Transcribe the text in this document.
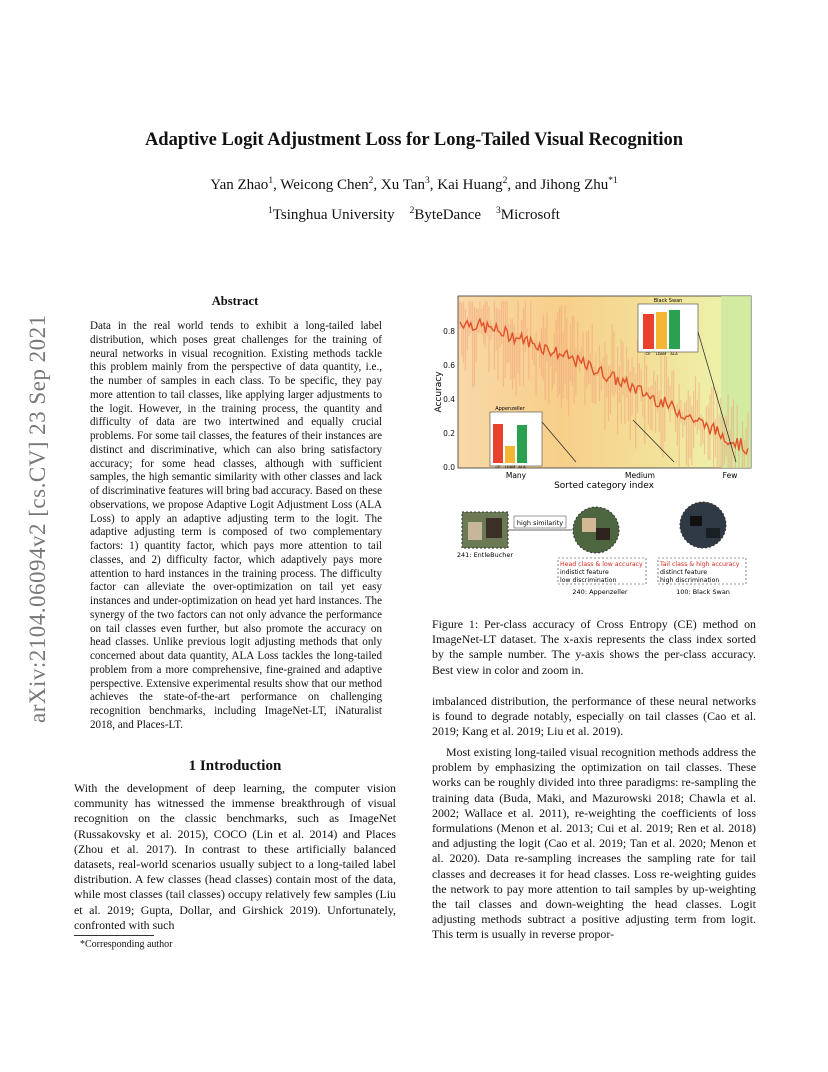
Adaptive Logit Adjustment Loss for Long-Tailed Visual Recognition
Yan Zhao$^1$, Weicong Chen$^2$, Xu Tan$^3$, Kai Huang$^2$, and Jihong Zhu$^{*1}$
$^1$Tsinghua University $^2$ByteDance $^3$Microsoft
arXiv:2104.06094v2 [cs.CV] 23 Sep 2021
Abstract
Data in the real world tends to exhibit a long-tailed label distribution, which poses great challenges for the training of neural networks in visual recognition. Existing methods tackle this problem mainly from the perspective of data quantity, i.e., the number of samples in each class. To be specific, they pay more attention to tail classes, like applying larger adjustments to the logit. However, in the training process, the quantity and difficulty of data are two intertwined and equally crucial problems. For some tail classes, the features of their instances are distinct and discriminative, which can also bring satisfactory accuracy; for some head classes, although with sufficient samples, the high semantic similarity with other classes and lack of discriminative features will bring bad accuracy. Based on these observations, we propose Adaptive Logit Adjustment Loss (ALA Loss) to apply an adaptive adjusting term to the logit. The adaptive adjusting term is composed of two complementary factors: 1) quantity factor, which pays more attention to tail classes, and 2) difficulty factor, which adaptively pays more attention to hard instances in the training process. The difficulty factor can alleviate the over-optimization on tail yet easy instances and under-optimization on head yet hard instances. The synergy of the two factors can not only advance the performance on tail classes even further, but also promote the accuracy on head classes. Unlike previous logit adjusting methods that only concerned about data quantity, ALA Loss tackles the long-tailed problem from a more comprehensive, fine-grained and adaptive perspective. Extensive experimental results show that our method achieves the state-of-the-art performance on challenging recognition benchmarks, including ImageNet-LT, iNaturalist 2018, and Places-LT.
1 Introduction
With the development of deep learning, the computer vision community has witnessed the immense breakthrough of visual recognition on the classic benchmarks, such as ImageNet (Russakovsky et al. 2015), COCO (Lin et al. 2014) and Places (Zhou et al. 2017). In contrast to these artificially balanced datasets, real-world scenarios usually subject to a long-tailed label distribution. A few classes (head classes) contain most of the data, while most classes (tail classes) occupy relatively few samples (Liu et al. 2019; Gupta, Dollar, and Girshick 2019). Unfortunately, confronted with such
*Corresponding author
0.0
0.2
0.4
0.6
0.8
Accuracy
Many	Medium	Few
Sorted category index
Appenzeller
CE LDAM ALA
Black Swan
CE LDAM ALA
241: EntleBucher
high similarity
Head class & low accuracy
indistict feature
low discrimination
240: Appenzeller
Tail class & high accuracy
distinct feature
high discrimination
100: Black Swan
Figure 1: Per-class accuracy of Cross Entropy (CE) method on ImageNet-LT dataset. The x-axis represents the class index sorted by the sample number. The y-axis shows the per-class accuracy. Best view in color and zoom in.
imbalanced distribution, the performance of these neural networks is found to degrade notably, especially on tail classes (Cao et al. 2019; Kang et al. 2019; Liu et al. 2019).
Most existing long-tailed visual recognition methods address the problem by emphasizing the optimization on tail classes. These works can be roughly divided into three paradigms: re-sampling the training data (Buda, Maki, and Mazurowski 2018; Chawla et al. 2002; Wallace et al. 2011), re-weighting the coefficients of loss formulations (Menon et al. 2013; Cui et al. 2019; Ren et al. 2018) and adjusting the logit (Cao et al. 2019; Tan et al. 2020; Menon et al. 2020). Data re-sampling increases the sampling rate for tail classes and decreases it for head classes. Loss re-weighting guides the network to pay more attention to tail samples by up-weighting the tail classes and down-weighting the head classes. Logit adjusting methods subtract a positive adjusting term from logit. This term is usually in reverse propor-
